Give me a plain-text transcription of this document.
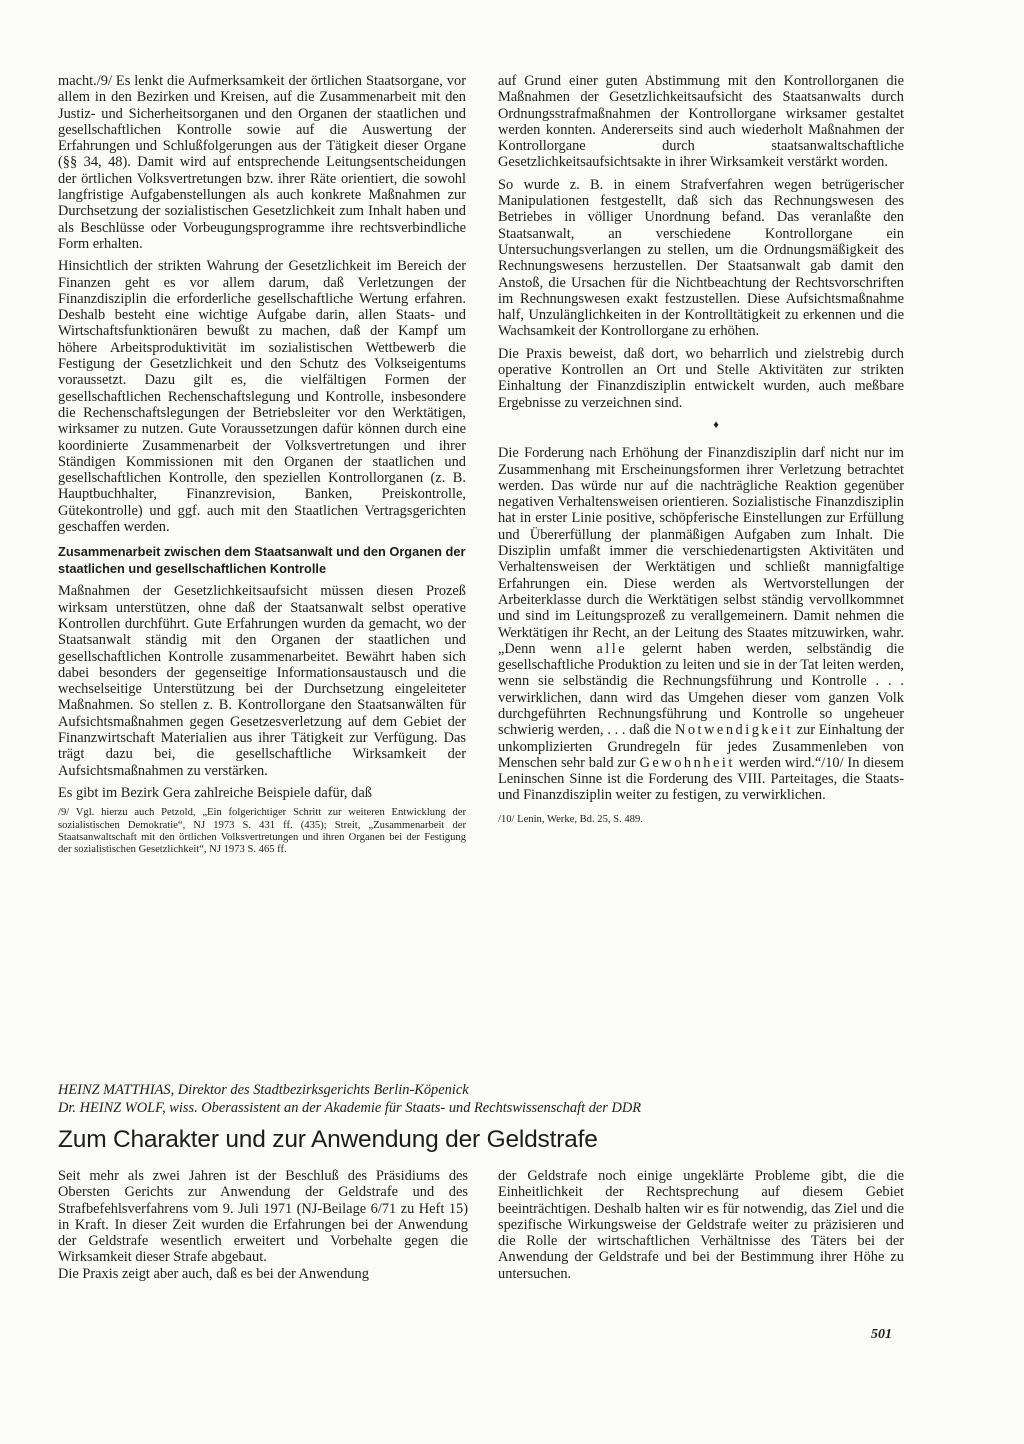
macht./9/ Es lenkt die Aufmerksamkeit der örtlichen Staatsorgane, vor allem in den Bezirken und Kreisen, auf die Zusammenarbeit mit den Justiz- und Sicherheitsorganen und den Organen der staatlichen und gesellschaftlichen Kontrolle sowie auf die Auswertung der Erfahrungen und Schlußfolgerungen aus der Tätigkeit dieser Organe (§§ 34, 48). Damit wird auf entsprechende Leitungsentscheidungen der örtlichen Volksvertretungen bzw. ihrer Räte orientiert, die sowohl langfristige Aufgabenstellungen als auch konkrete Maßnahmen zur Durchsetzung der sozialistischen Gesetzlichkeit zum Inhalt haben und als Beschlüsse oder Vorbeugungsprogramme ihre rechtsverbindliche Form erhalten.

Hinsichtlich der strikten Wahrung der Gesetzlichkeit im Bereich der Finanzen geht es vor allem darum, daß Verletzungen der Finanzdisziplin die erforderliche gesellschaftliche Wertung erfahren. Deshalb besteht eine wichtige Aufgabe darin, allen Staats- und Wirtschaftsfunktionären bewußt zu machen, daß der Kampf um höhere Arbeitsproduktivität im sozialistischen Wettbewerb die Festigung der Gesetzlichkeit und den Schutz des Volkseigentums voraussetzt. Dazu gilt es, die vielfältigen Formen der gesellschaftlichen Rechenschaftslegung und Kontrolle, insbesondere die Rechenschaftslegungen der Betriebsleiter vor den Werktätigen, wirksamer zu nutzen. Gute Voraussetzungen dafür können durch eine koordinierte Zusammenarbeit der Volksvertretungen und ihrer Ständigen Kommissionen mit den Organen der staatlichen und gesellschaftlichen Kontrolle, den speziellen Kontrollorganen (z. B. Hauptbuchhalter, Finanzrevision, Banken, Preiskontrolle, Gütekontrolle) und ggf. auch mit den Staatlichen Vertragsgerichten geschaffen werden.

Zusammenarbeit zwischen dem Staatsanwalt und den Organen der staatlichen und gesellschaftlichen Kontrolle

Maßnahmen der Gesetzlichkeitsaufsicht müssen diesen Prozeß wirksam unterstützen, ohne daß der Staatsanwalt selbst operative Kontrollen durchführt. Gute Erfahrungen wurden da gemacht, wo der Staatsanwalt ständig mit den Organen der staatlichen und gesellschaftlichen Kontrolle zusammenarbeitet. Bewährt haben sich dabei besonders der gegenseitige Informationsaustausch und die wechselseitige Unterstützung bei der Durchsetzung eingeleiteter Maßnahmen. So stellen z. B. Kontrollorgane den Staatsanwälten für Aufsichtsmaßnahmen gegen Gesetzesverletzung auf dem Gebiet der Finanzwirtschaft Materialien aus ihrer Tätigkeit zur Verfügung. Das trägt dazu bei, die gesellschaftliche Wirksamkeit der Aufsichtsmaßnahmen zu verstärken.

Es gibt im Bezirk Gera zahlreiche Beispiele dafür, daß

/9/ Vgl. hierzu auch Petzold, „Ein folgerichtiger Schritt zur weiteren Entwicklung der sozialistischen Demokratie“, NJ 1973 S. 431 ff. (435); Streit, „Zusammenarbeit der Staatsanwaltschaft mit den örtlichen Volksvertretungen und ihren Organen bei der Festigung der sozialistischen Gesetzlichkeit“, NJ 1973 S. 465 ff.

auf Grund einer guten Abstimmung mit den Kontrollorganen die Maßnahmen der Gesetzlichkeitsaufsicht des Staatsanwalts durch Ordnungsstrafmaßnahmen der Kontrollorgane wirksamer gestaltet werden konnten. Andererseits sind auch wiederholt Maßnahmen der Kontrollorgane durch staatsanwaltschaftliche Gesetzlichkeitsaufsichtsakte in ihrer Wirksamkeit verstärkt worden.

So wurde z. B. in einem Strafverfahren wegen betrügerischer Manipulationen festgestellt, daß sich das Rechnungswesen des Betriebes in völliger Unordnung befand. Das veranlaßte den Staatsanwalt, an verschiedene Kontrollorgane ein Untersuchungsverlangen zu stellen, um die Ordnungsmäßigkeit des Rechnungswesens herzustellen. Der Staatsanwalt gab damit den Anstoß, die Ursachen für die Nichtbeachtung der Rechtsvorschriften im Rechnungswesen exakt festzustellen. Diese Aufsichtsmaßnahme half, Unzulänglichkeiten in der Kontrolltätigkeit zu erkennen und die Wachsamkeit der Kontrollorgane zu erhöhen.

Die Praxis beweist, daß dort, wo beharrlich und zielstrebig durch operative Kontrollen an Ort und Stelle Aktivitäten zur strikten Einhaltung der Finanzdisziplin entwickelt wurden, auch meßbare Ergebnisse zu verzeichnen sind.

♦

Die Forderung nach Erhöhung der Finanzdisziplin darf nicht nur im Zusammenhang mit Erscheinungsformen ihrer Verletzung betrachtet werden. Das würde nur auf die nachträgliche Reaktion gegenüber negativen Verhaltensweisen orientieren. Sozialistische Finanzdisziplin hat in erster Linie positive, schöpferische Einstellungen zur Erfüllung und Übererfüllung der planmäßigen Aufgaben zum Inhalt. Die Disziplin umfaßt immer die verschiedenartigsten Aktivitäten und Verhaltensweisen der Werktätigen und schließt mannigfaltige Erfahrungen ein. Diese werden als Wertvorstellungen der Arbeiterklasse durch die Werktätigen selbst ständig vervollkommnet und sind im Leitungsprozeß zu verallgemeinern. Damit nehmen die Werktätigen ihr Recht, an der Leitung des Staates mitzuwirken, wahr. „Denn wenn alle gelernt haben werden, selbständig die gesellschaftliche Produktion zu leiten und sie in der Tat leiten werden, wenn sie selbständig die Rechnungsführung und Kontrolle . . . verwirklichen, dann wird das Umgehen dieser vom ganzen Volk durchgeführten Rechnungsführung und Kontrolle so ungeheuer schwierig werden, . . . daß die Notwendigkeit zur Einhaltung der unkomplizierten Grundregeln für jedes Zusammenleben von Menschen sehr bald zur Gewohnheit werden wird.“/10/ In diesem Leninschen Sinne ist die Forderung des VIII. Parteitages, die Staats- und Finanzdisziplin weiter zu festigen, zu verwirklichen.

/10/ Lenin, Werke, Bd. 25, S. 489.
HEINZ MATTHIAS, Direktor des Stadtbezirksgerichts Berlin-Köpenick
Dr. HEINZ WOLF, wiss. Oberassistent an der Akademie für Staats- und Rechtswissenschaft der DDR
Zum Charakter und zur Anwendung der Geldstrafe
Seit mehr als zwei Jahren ist der Beschluß des Präsidiums des Obersten Gerichts zur Anwendung der Geldstrafe und des Strafbefehlsverfahrens vom 9. Juli 1971 (NJ-Beilage 6/71 zu Heft 15) in Kraft. In dieser Zeit wurden die Erfahrungen bei der Anwendung der Geldstrafe wesentlich erweitert und Vorbehalte gegen die Wirksamkeit dieser Strafe abgebaut.
Die Praxis zeigt aber auch, daß es bei der Anwendung
der Geldstrafe noch einige ungeklärte Probleme gibt, die die Einheitlichkeit der Rechtsprechung auf diesem Gebiet beeinträchtigen. Deshalb halten wir es für notwendig, das Ziel und die spezifische Wirkungsweise der Geldstrafe weiter zu präzisieren und die Rolle der wirtschaftlichen Verhältnisse des Täters bei der Anwendung der Geldstrafe und bei der Bestimmung ihrer Höhe zu untersuchen.
501
